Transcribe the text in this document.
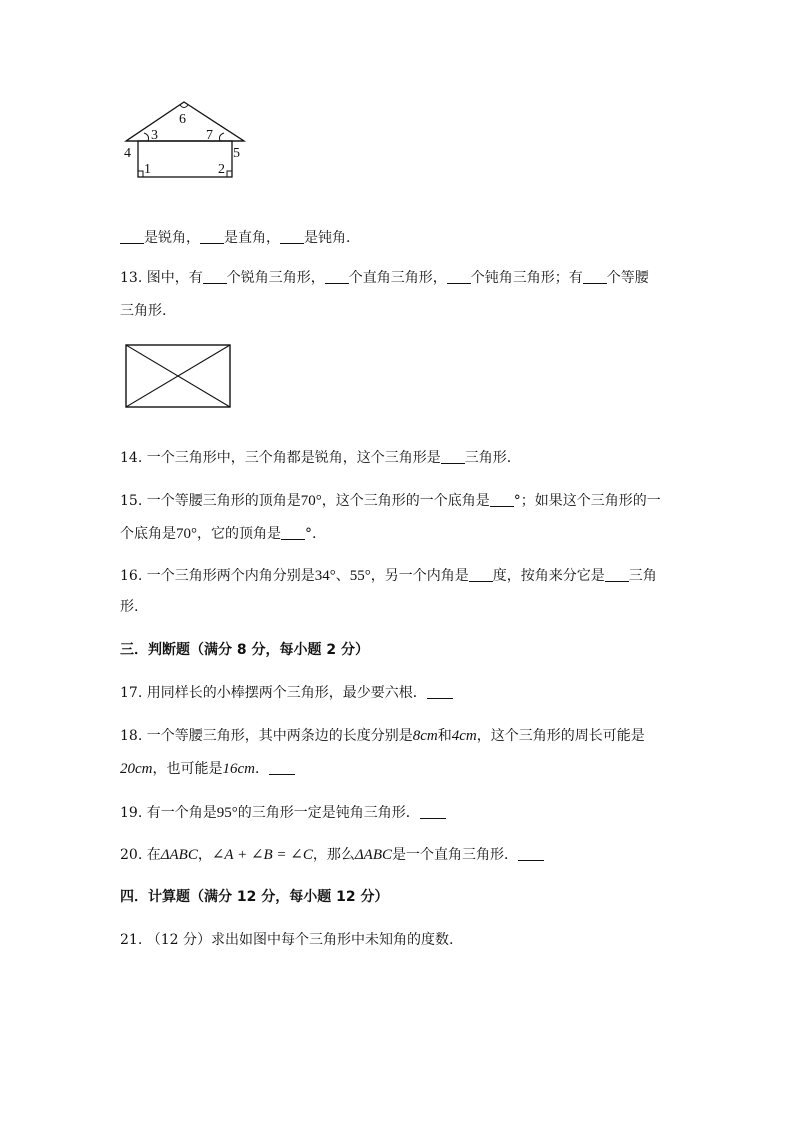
6
3	7
4	5
1	2
是锐角， 是直角， 是钝角.
13. 图中，有 个锐角三角形， 个直角三角形， 个钝角三角形；有 个等腰
三角形.
14. 一个三角形中，三个角都是锐角，这个三角形是 三角形.
15. 一个等腰三角形的顶角是70°，这个三角形的一个底角是 °；如果这个三角形的一
个底角是70°，它的顶角是 °.
16. 一个三角形两个内角分别是34°、55°，另一个内角是 度，按角来分它是 三角
形.
三．判断题（满分 8 分，每小题 2 分）
17. 用同样长的小棒摆两个三角形，最少要六根．
18. 一个等腰三角形，其中两条边的长度分别是8cm和4cm，这个三角形的周长可能是
20cm，也可能是16cm．
19. 有一个角是95°的三角形一定是钝角三角形．
20. 在ΔABC，∠A + ∠B = ∠C，那么ΔABC是一个直角三角形．
四．计算题（满分 12 分，每小题 12 分）
21. （12 分）求出如图中每个三角形中未知角的度数.
